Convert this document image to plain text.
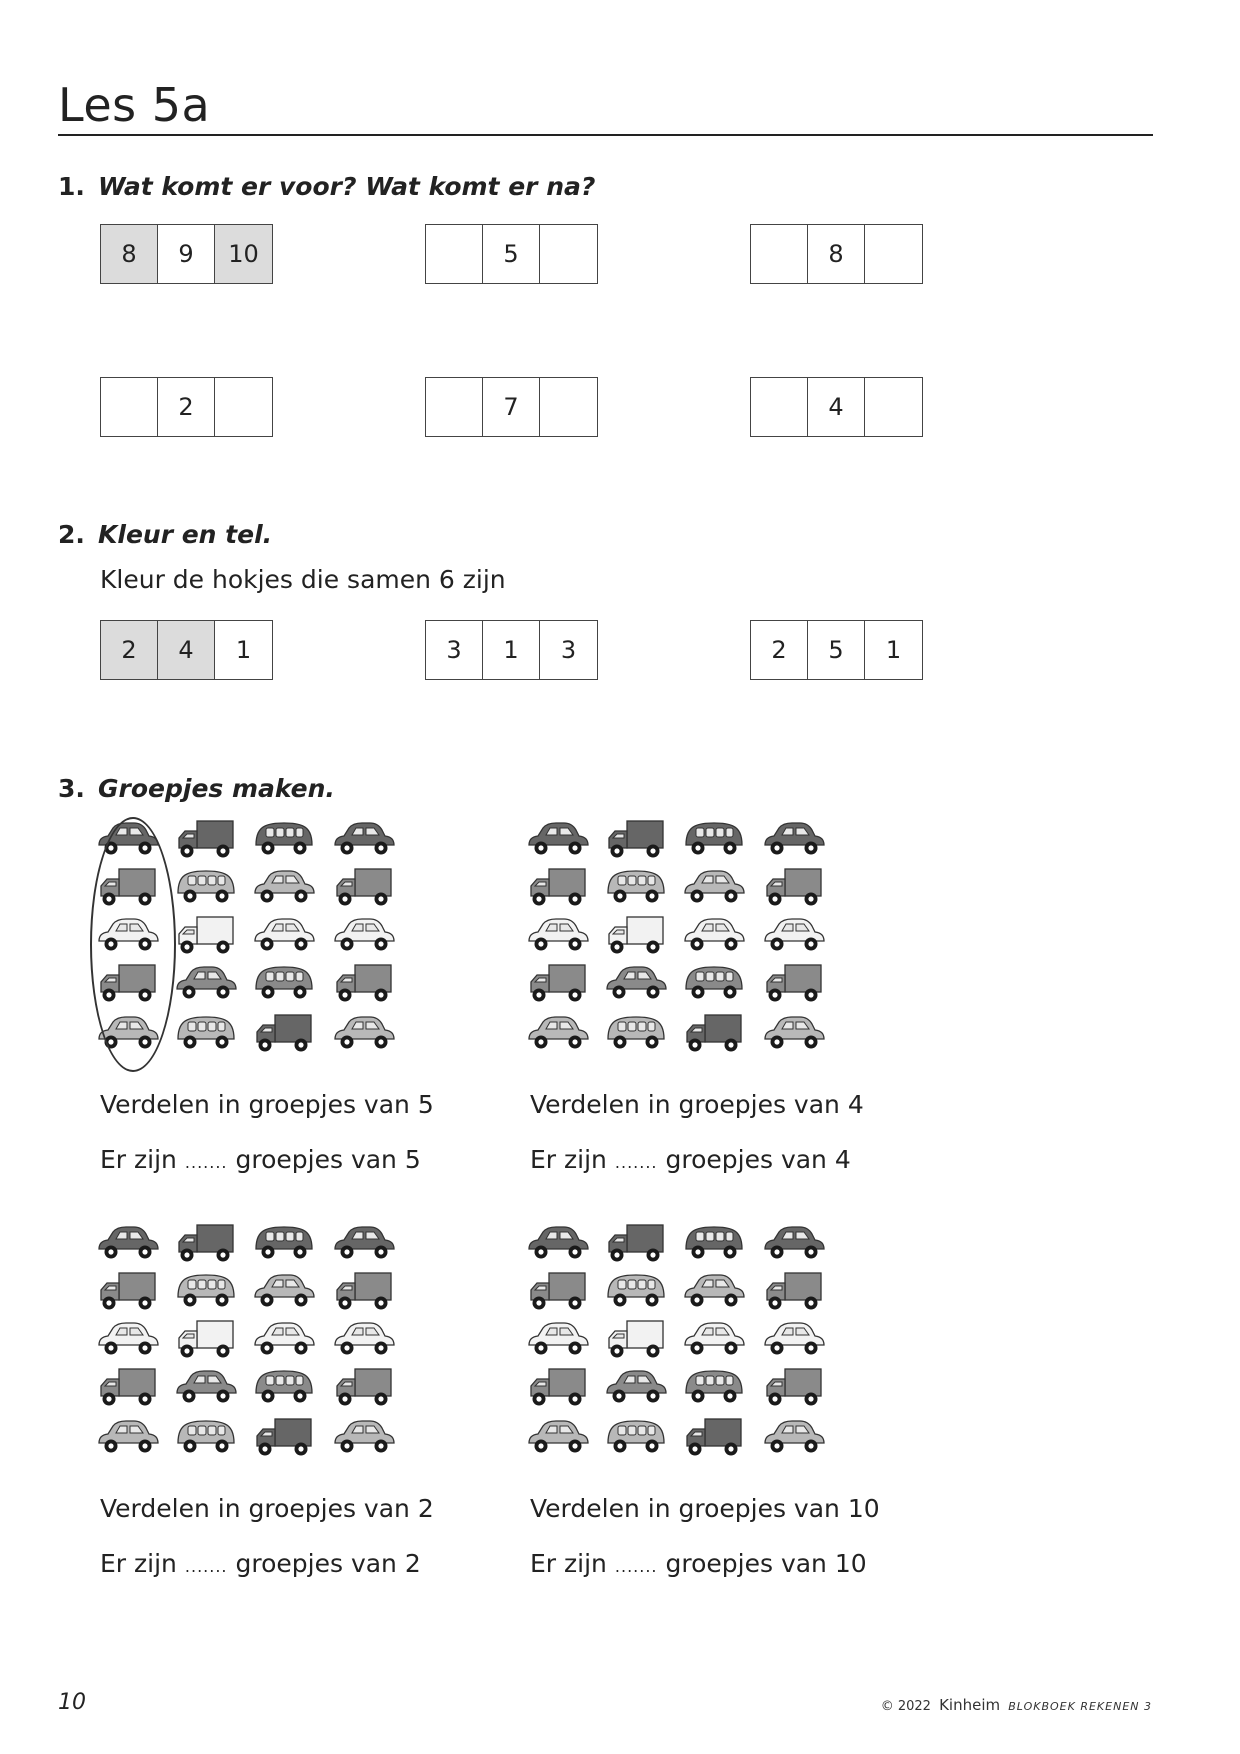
Les 5a
1. Wat komt er voor? Wat komt er na?
2. Kleur en tel.
Kleur de hokjes die samen 6 zijn
3. Groepjes maken.
Verdelen in groepjes van 5
Er zijn ....... groepjes van 5
Verdelen in groepjes van 4
Er zijn ....... groepjes van 4
Verdelen in groepjes van 2
Er zijn ....... groepjes van 2
Verdelen in groepjes van 10
Er zijn ....... groepjes van 10
10	© 2022 Kinheim BLOKBOEK REKENEN 3
8	9	10	5	8
2	7	4
2	4	1	3	1	3	2	5	1
